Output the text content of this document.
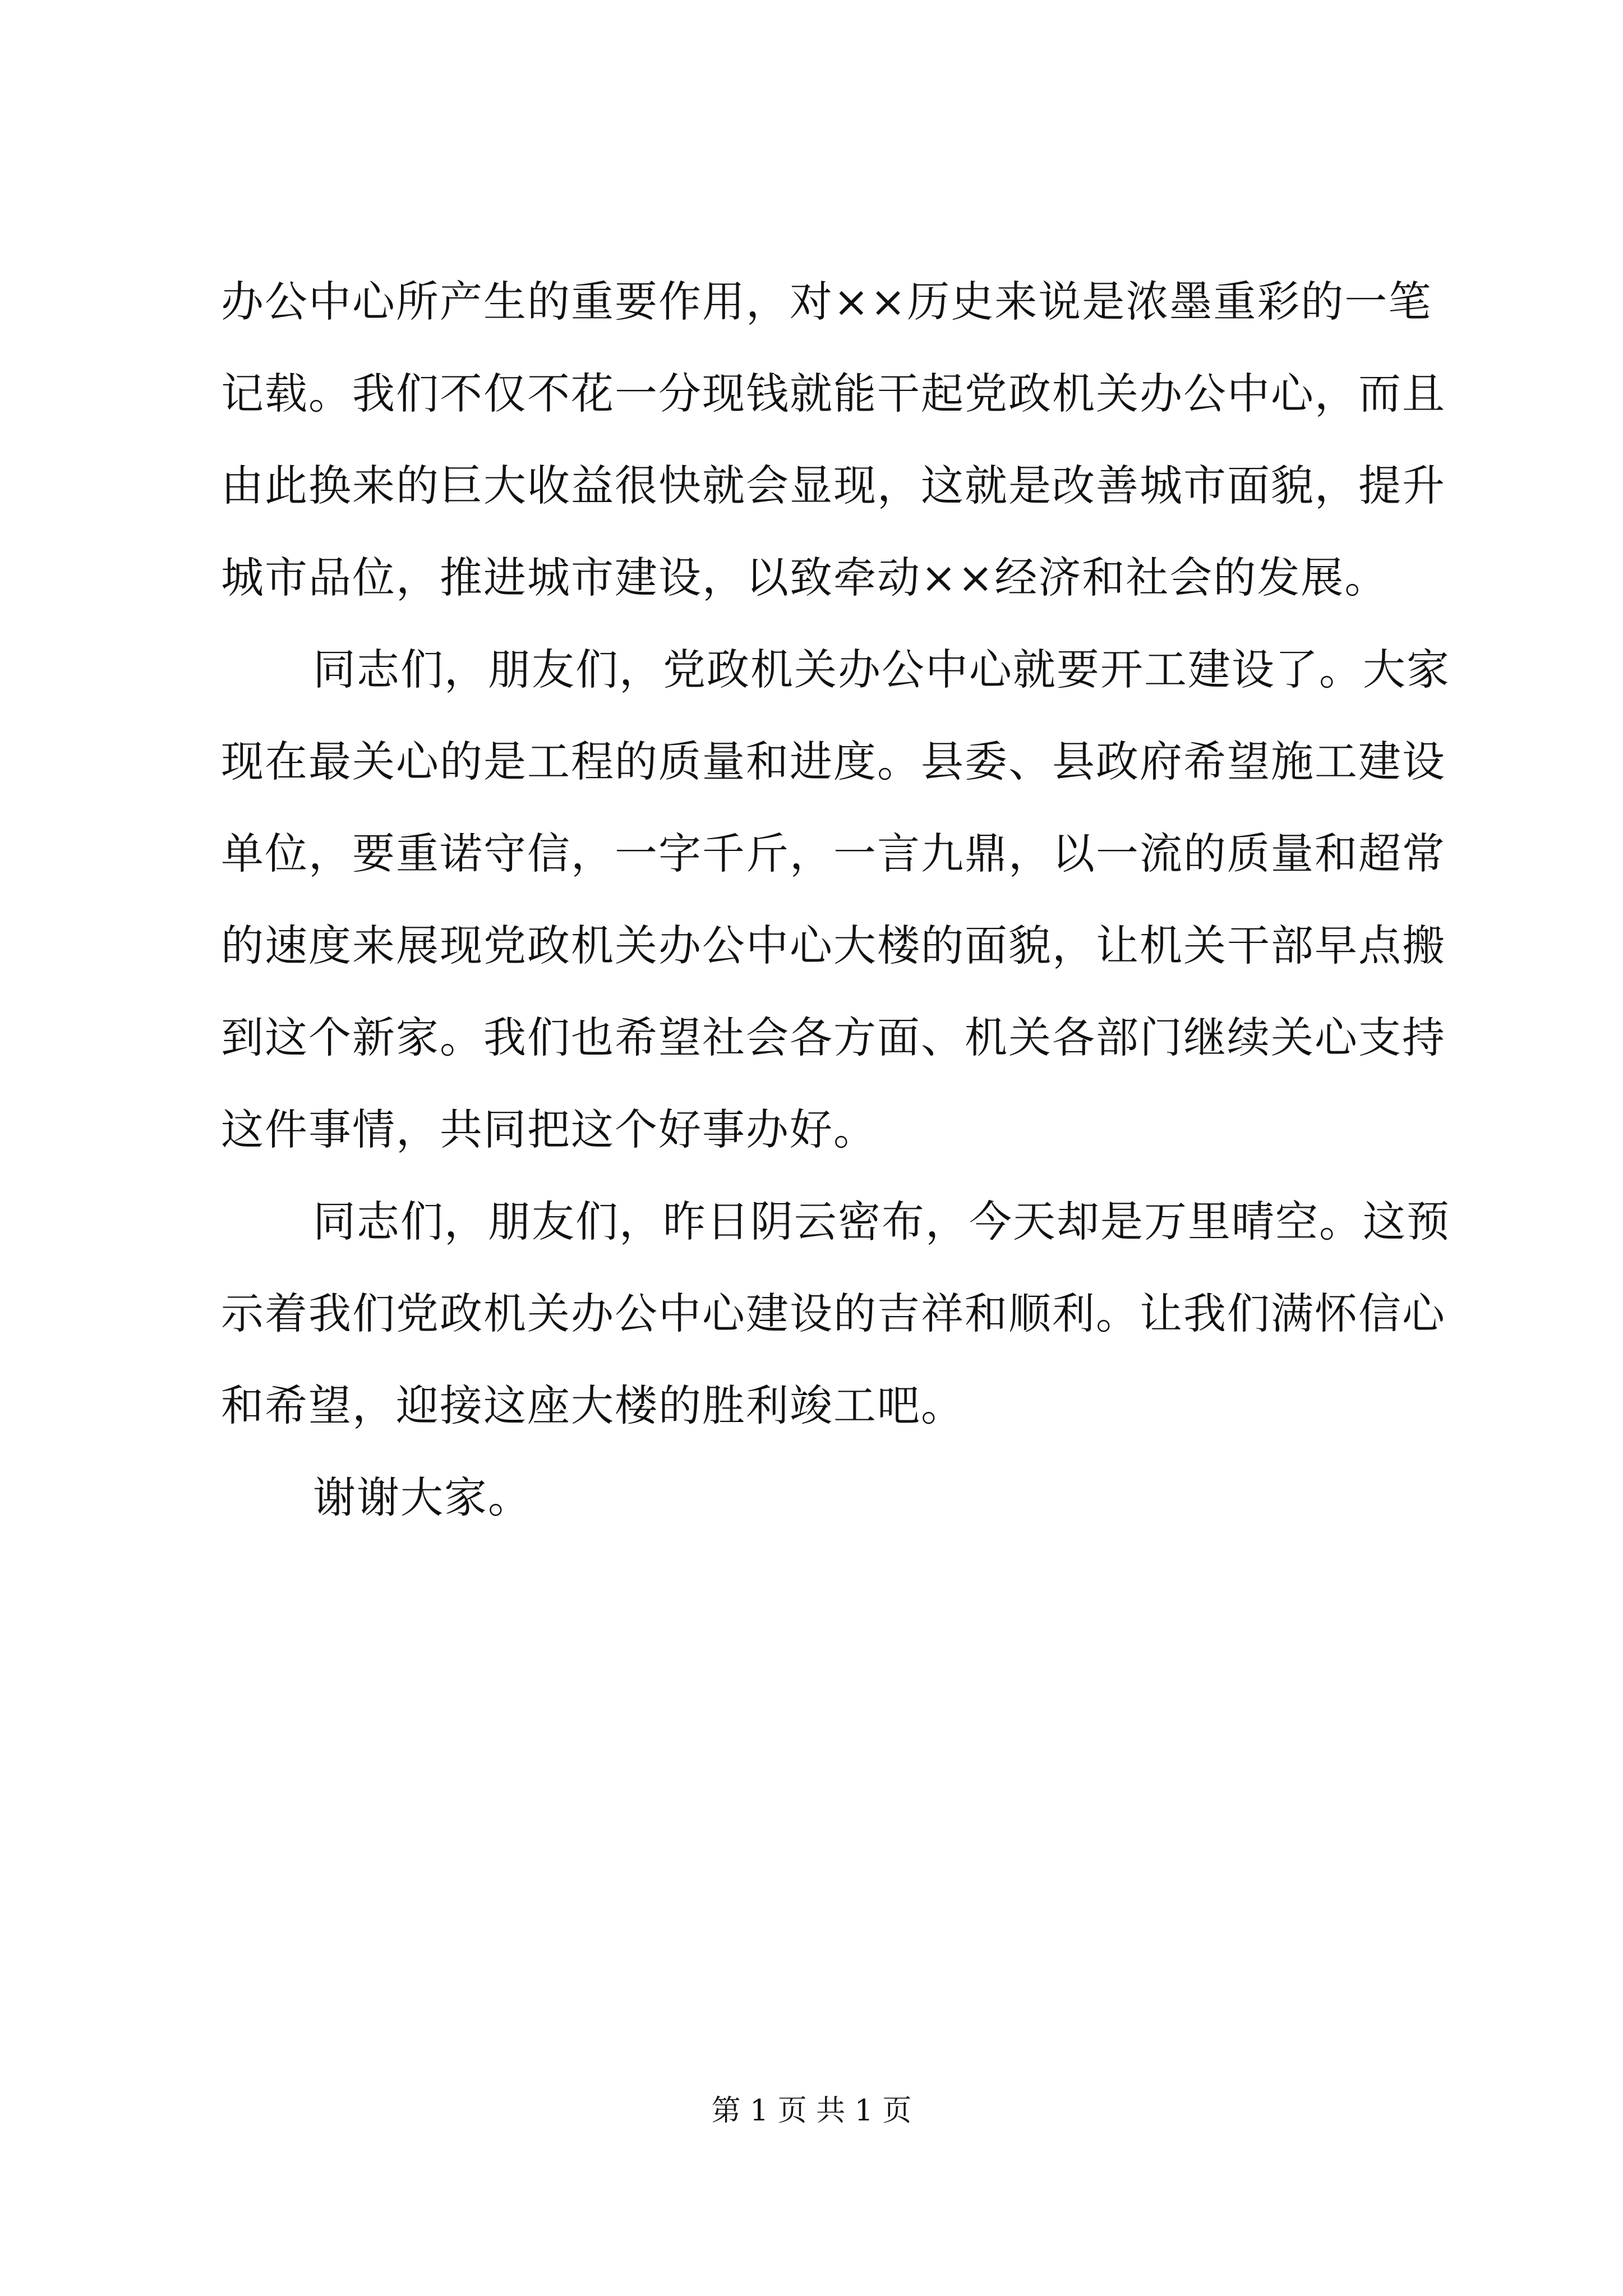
办公中心所产生的重要作用，对××历史来说是浓墨重彩的一笔
记载。我们不仅不花一分现钱就能干起党政机关办公中心，而且
由此换来的巨大收益很快就会显现，这就是改善城市面貌，提升
城市品位，推进城市建设，以致牵动××经济和社会的发展。
同志们，朋友们，党政机关办公中心就要开工建设了。大家
现在最关心的是工程的质量和进度。县委、县政府希望施工建设
单位，要重诺守信，一字千斤，一言九鼎，以一流的质量和超常
的速度来展现党政机关办公中心大楼的面貌，让机关干部早点搬
到这个新家。我们也希望社会各方面、机关各部门继续关心支持
这件事情，共同把这个好事办好。
同志们，朋友们，昨日阴云密布，今天却是万里晴空。这预
示着我们党政机关办公中心建设的吉祥和顺利。让我们满怀信心
和希望，迎接这座大楼的胜利竣工吧。
谢谢大家。
第 1 页 共 1 页
